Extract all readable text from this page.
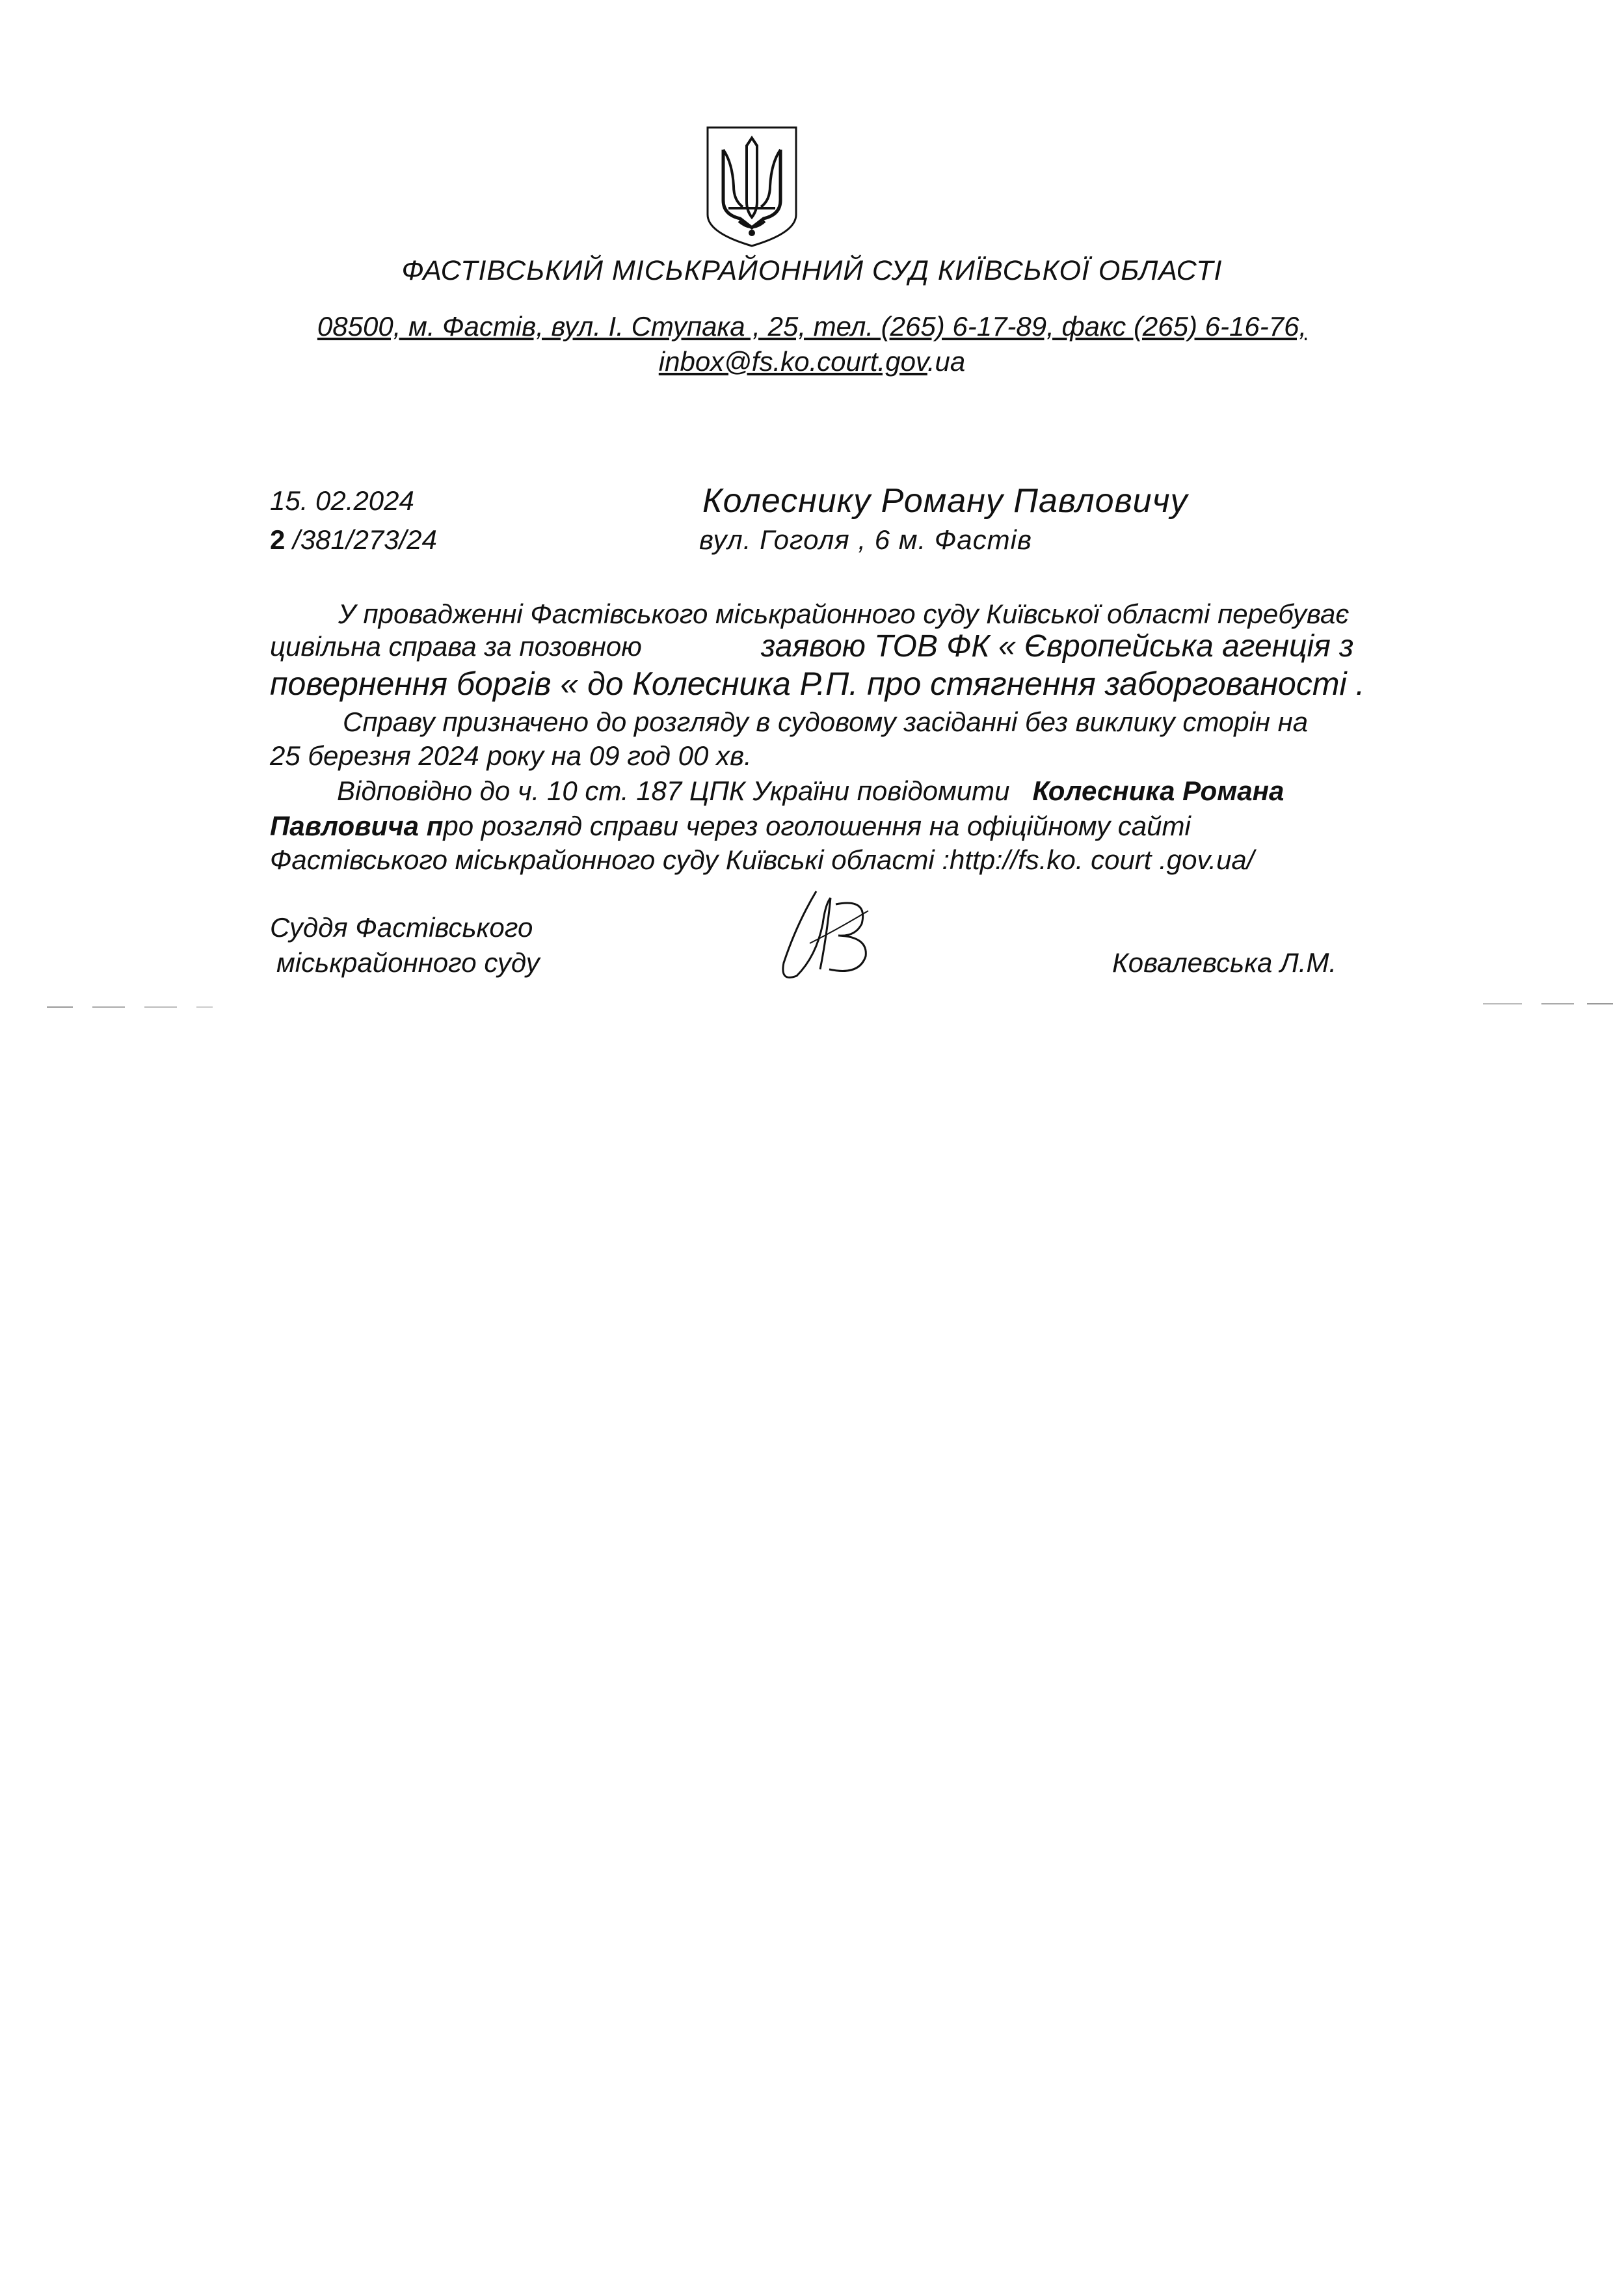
ФАСТІВСЬКИЙ МІСЬКРАЙОННИЙ СУД КИЇВСЬКОЇ ОБЛАСТІ
08500, м. Фастів, вул. І. Ступака , 25, тел. (265) 6-17-89, факс (265) 6-16-76,
inbox@fs.ko.court.gov.ua
15. 02.2024
2 /381/273/24
Колеснику Роману Павловичу
вул. Гоголя , 6 м. Фастів
У провадженні Фастівського міськрайонного суду Київської області перебуває
цивільна справа за позовною	заявою ТОВ ФК « Європейська агенція з
повернення боргів « до Колесника Р.П. про стягнення заборгованості .
Справу призначено до розгляду в судовому засіданні без виклику сторін на
25 березня 2024 року на 09 год 00 хв.
Відповідно до ч. 10 ст. 187 ЦПК України повідомити Колесника Романа
Павловича про розгляд справи через оголошення на офіційному сайті
Фастівського міськрайонного суду Київські області :http://fs.ko. court .gov.ua/
Суддя Фастівського
міськрайонного суду	Ковалевська Л.М.
